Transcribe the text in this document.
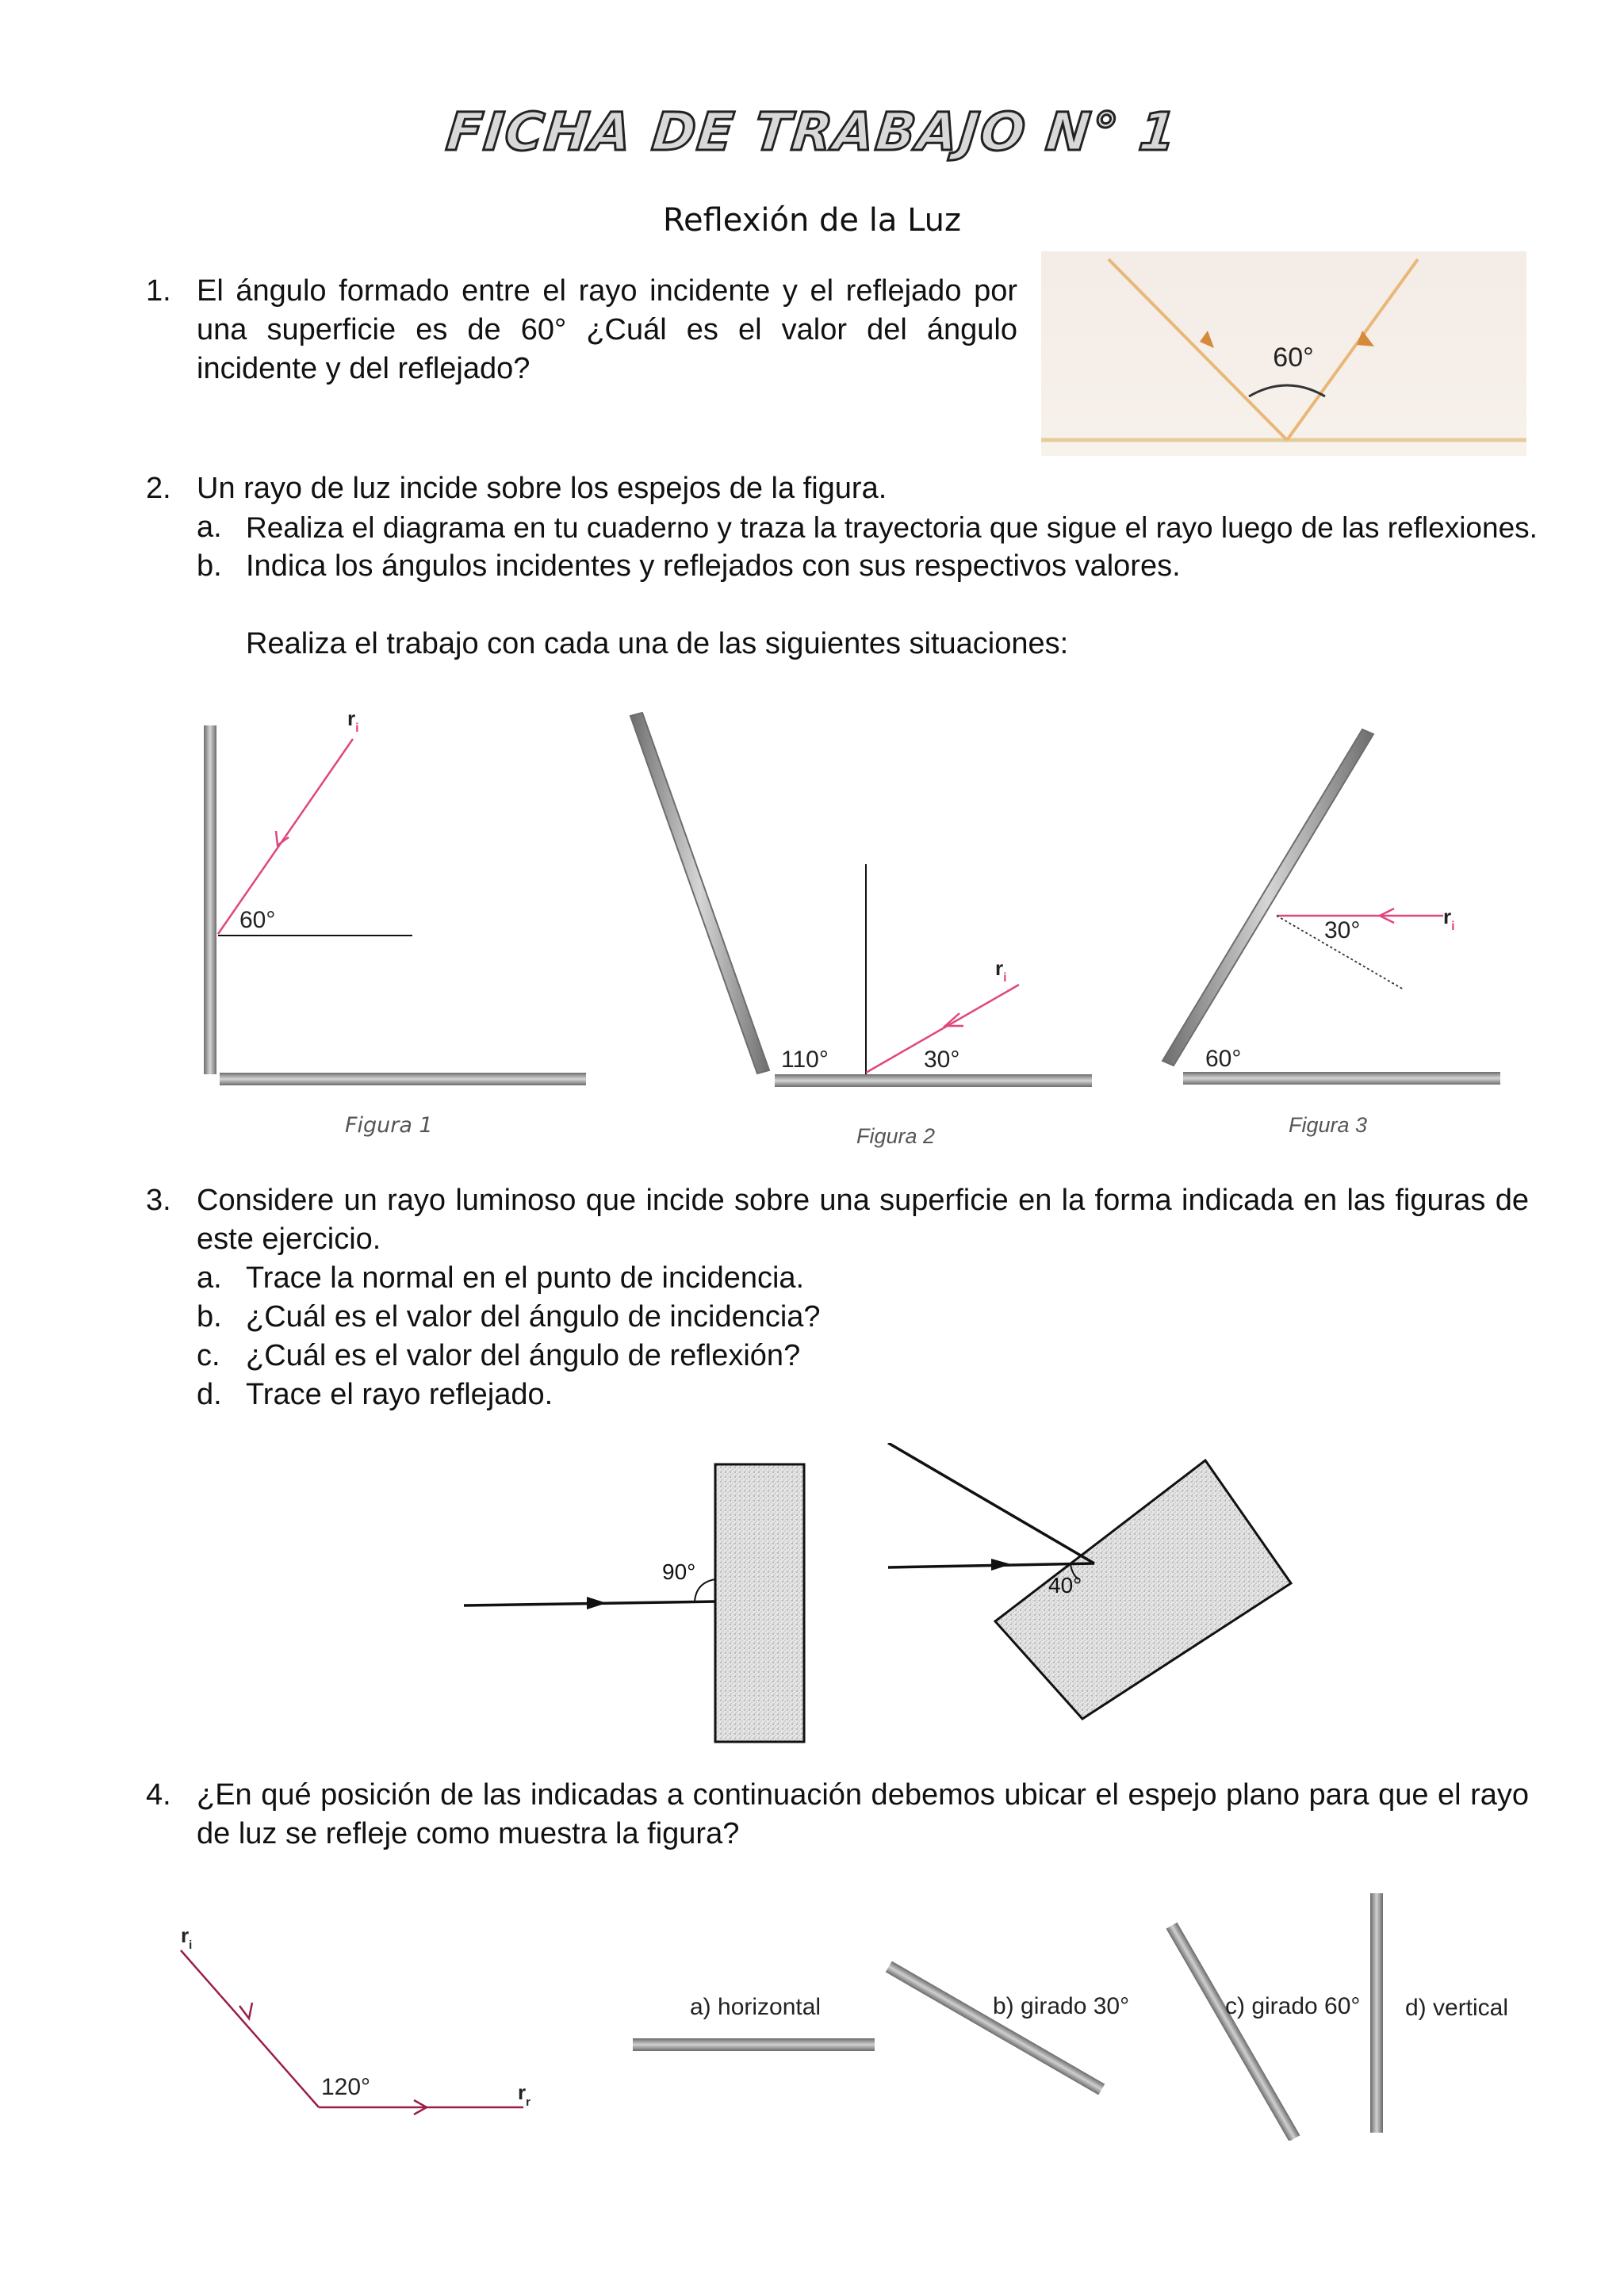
FICHA DE TRABAJO N° 1
Reflexión de la Luz
1. El ángulo formado entre el rayo incidente y el reflejado por una superficie es de 60° ¿Cuál es el valor del ángulo incidente y del reflejado?	60°
2. Un rayo de luz incide sobre los espejos de la figura.
a. Realiza el diagrama en tu cuaderno y traza la trayectoria que sigue el rayo luego de las reflexiones.
b. Indica los ángulos incidentes y reflejados con sus respectivos valores.
Realiza el trabajo con cada una de las siguientes situaciones:
$r_i$
60°
Figura 1
$r_i$
110°	30°
Figura 2
$r_i$
30°
60°
Figura 3
3. Considere un rayo luminoso que incide sobre una superficie en la forma indicada en las figuras de este ejercicio.
a. Trace la normal en el punto de incidencia.
b. ¿Cuál es el valor del ángulo de incidencia?
c. ¿Cuál es el valor del ángulo de reflexión?
d. Trace el rayo reflejado.
90°
40°
4. ¿En qué posición de las indicadas a continuación debemos ubicar el espejo plano para que el rayo de luz se refleje como muestra la figura?
$r_i$
$r_r$
120°
a) horizontal	b) girado 30°	c) girado 60° d) vertical
